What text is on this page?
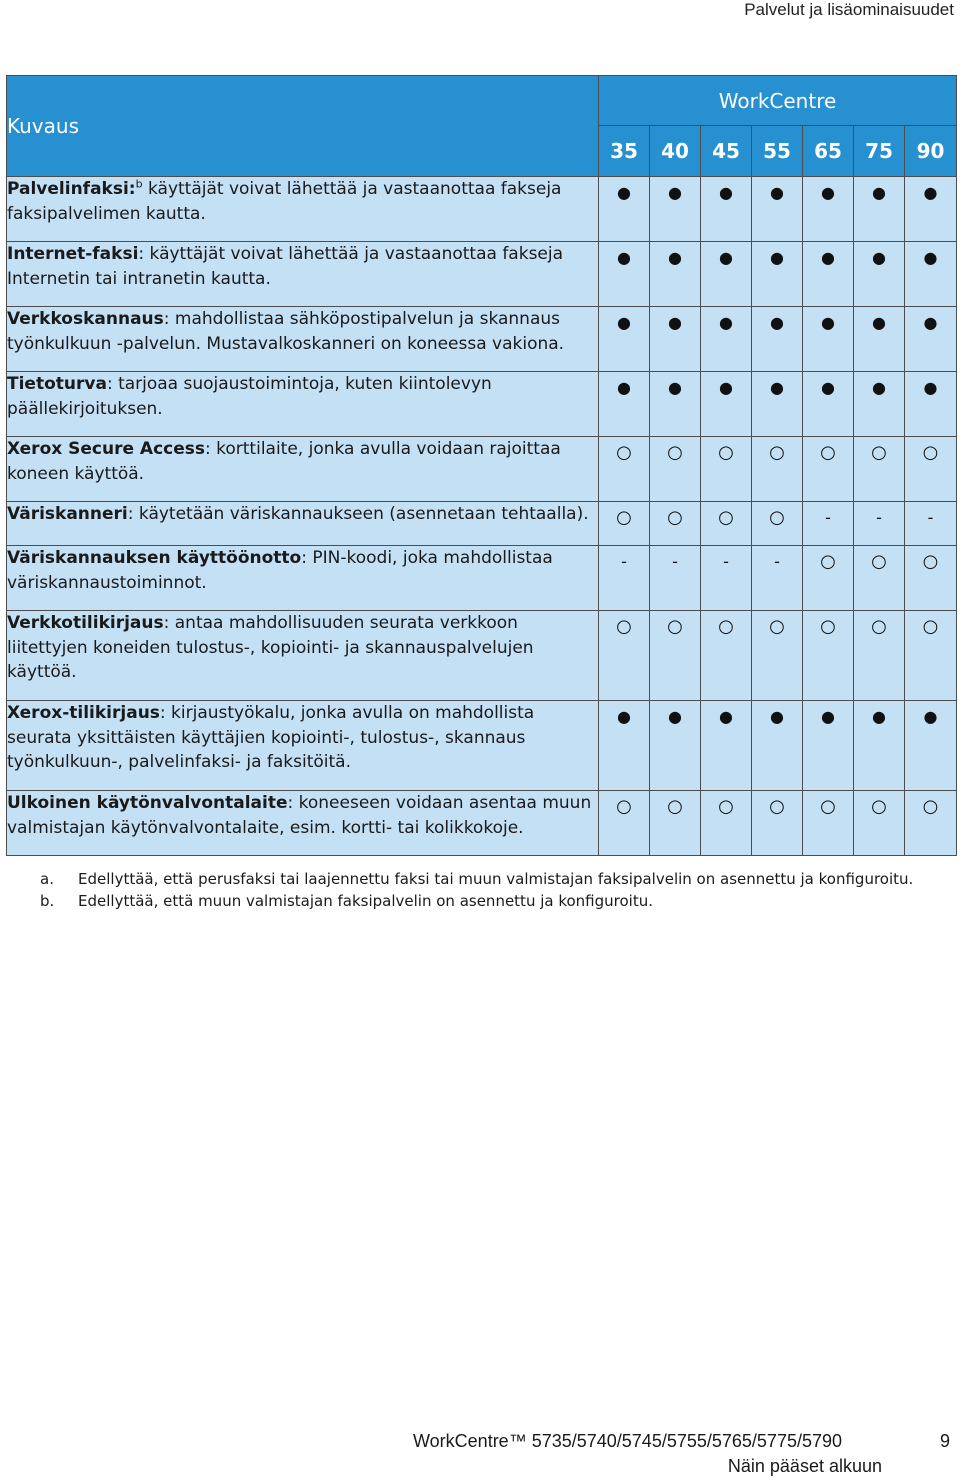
Palvelut ja lisäominaisuudet
Kuvaus	WorkCentre						
	35	40	45	55	65	75	90
Palvelinfaksi:$^b$ käyttäjät voivat lähettää ja vastaanottaa fakseja faksipalvelimen kautta.	●	●	●	●	●	●	●

Internet-faksi: käyttäjät voivat lähettää ja vastaanottaa fakseja Internetin tai intranetin kautta.	●	●	●	●	●	●	●

Verkkoskannaus: mahdollistaa sähköpostipalvelun ja skannaus työnkulkuun -palvelun. Mustavalkoskanneri on koneessa vakiona.	●	●	●	●	●	●	●

Tietoturva: tarjoaa suojaustoimintoja, kuten kiintolevyn päällekirjoituksen.	●	●	●	●	●	●	●

Xerox Secure Access: korttilaite, jonka avulla voidaan rajoittaa koneen käyttöä.	○	○	○	○	○	○	○

Väriskanneri: käytetään väriskannaukseen (asennetaan tehtaalla).	○	○	○	○	-	-	-

Väriskannauksen käyttöönotto: PIN-koodi, joka mahdollistaa väriskannaustoiminnot.	-	-	-	-	○	○	○

Verkkotilikirjaus: antaa mahdollisuuden seurata verkkoon liitettyjen koneiden tulostus-, kopiointi- ja skannauspalvelujen käyttöä.	○	○	○	○	○	○	○

Xerox-tilikirjaus: kirjaustyökalu, jonka avulla on mahdollista seurata yksittäisten käyttäjien kopiointi-, tulostus-, skannaus työnkulkuun-, palvelinfaksi- ja faksitöitä.	●	●	●	●	●	●	●

Ulkoinen käytönvalvontalaite: koneeseen voidaan asentaa muun valmistajan käytönvalvontalaite, esim. kortti- tai kolikkokoje.	○	○	○	○	○	○	○
a.	Edellyttää, että perusfaksi tai laajennettu faksi tai muun valmistajan faksipalvelin on asennettu ja konfiguroitu.
b.	Edellyttää, että muun valmistajan faksipalvelin on asennettu ja konfiguroitu.
WorkCentre™ 5735/5740/5745/5755/5765/5775/5790	9
Näin pääset alkuun
